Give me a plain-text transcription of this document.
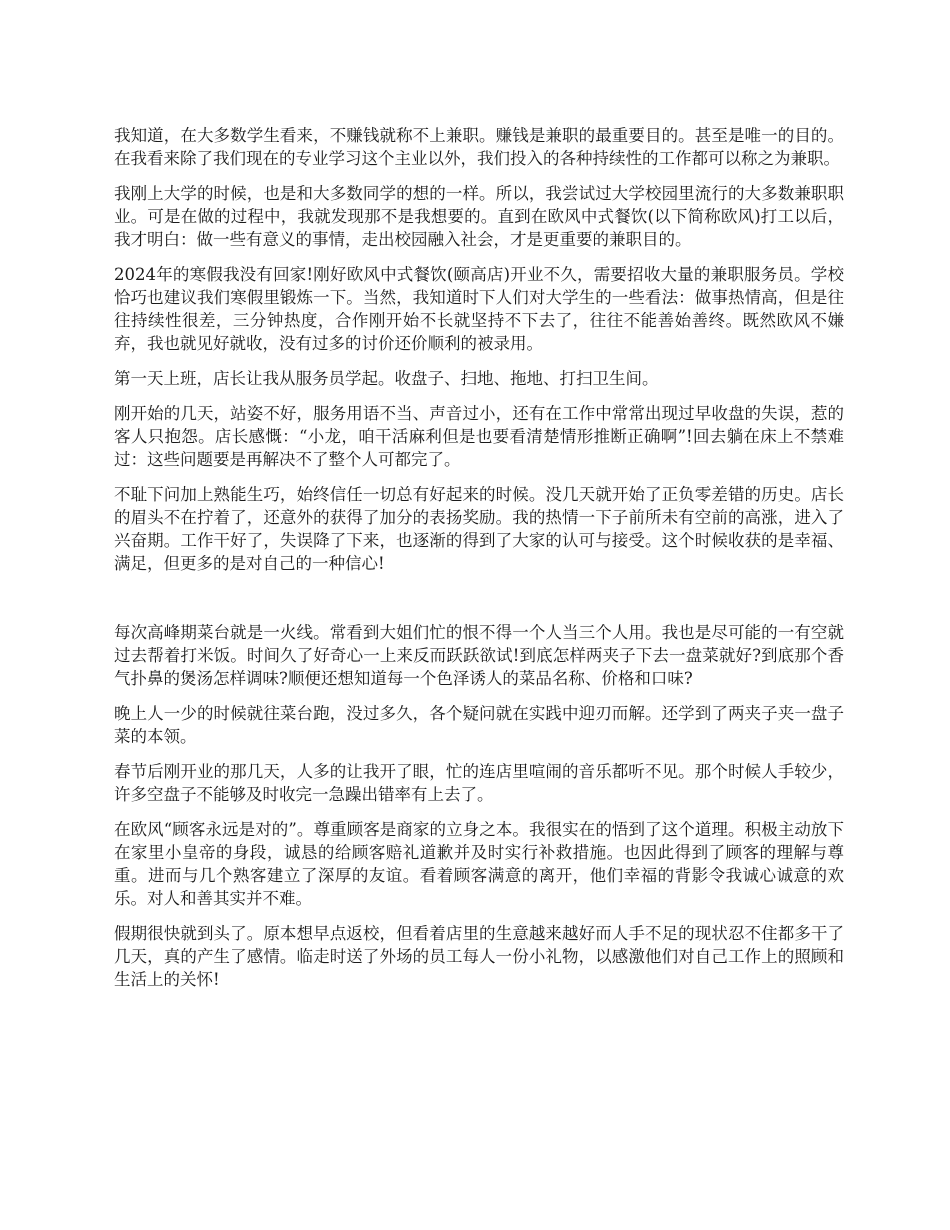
我知道，在大多数学生看来，不赚钱就称不上兼职。赚钱是兼职的最重要目的。甚至是唯一的目的。在我看来除了我们现在的专业学习这个主业以外，我们投入的各种持续性的工作都可以称之为兼职。

我刚上大学的时候，也是和大多数同学的想的一样。所以，我尝试过大学校园里流行的大多数兼职职业。可是在做的过程中，我就发现那不是我想要的。直到在欧风中式餐饮(以下简称欧风)打工以后，我才明白：做一些有意义的事情，走出校园融入社会，才是更重要的兼职目的。

2024年的寒假我没有回家!刚好欧风中式餐饮(颐高店)开业不久，需要招收大量的兼职服务员。学校恰巧也建议我们寒假里锻炼一下。当然，我知道时下人们对大学生的一些看法：做事热情高，但是往往持续性很差，三分钟热度，合作刚开始不长就坚持不下去了，往往不能善始善终。既然欧风不嫌弃，我也就见好就收，没有过多的讨价还价顺利的被录用。

第一天上班，店长让我从服务员学起。收盘子、扫地、拖地、打扫卫生间。

刚开始的几天，站姿不好，服务用语不当、声音过小，还有在工作中常常出现过早收盘的失误，惹的客人只抱怨。店长感慨：“小龙，咱干活麻利但是也要看清楚情形推断正确啊”!回去躺在床上不禁难过：这些问题要是再解决不了整个人可都完了。

不耻下问加上熟能生巧，始终信任一切总有好起来的时候。没几天就开始了正负零差错的历史。店长的眉头不在拧着了，还意外的获得了加分的表扬奖励。我的热情一下子前所未有空前的高涨，进入了兴奋期。工作干好了，失误降了下来，也逐渐的得到了大家的认可与接受。这个时候收获的是幸福、满足，但更多的是对自己的一种信心!

每次高峰期菜台就是一火线。常看到大姐们忙的恨不得一个人当三个人用。我也是尽可能的一有空就过去帮着打米饭。时间久了好奇心一上来反而跃跃欲试!到底怎样两夹子下去一盘菜就好?到底那个香气扑鼻的煲汤怎样调味?顺便还想知道每一个色泽诱人的菜品名称、价格和口味?

晚上人一少的时候就往菜台跑，没过多久，各个疑问就在实践中迎刃而解。还学到了两夹子夹一盘子菜的本领。

春节后刚开业的那几天，人多的让我开了眼，忙的连店里喧闹的音乐都听不见。那个时候人手较少，许多空盘子不能够及时收完一急躁出错率有上去了。

在欧风“顾客永远是对的”。尊重顾客是商家的立身之本。我很实在的悟到了这个道理。积极主动放下在家里小皇帝的身段，诚恳的给顾客赔礼道歉并及时实行补救措施。也因此得到了顾客的理解与尊重。进而与几个熟客建立了深厚的友谊。看着顾客满意的离开，他们幸福的背影令我诚心诚意的欢乐。对人和善其实并不难。

假期很快就到头了。原本想早点返校，但看着店里的生意越来越好而人手不足的现状忍不住都多干了几天，真的产生了感情。临走时送了外场的员工每人一份小礼物，以感激他们对自己工作上的照顾和生活上的关怀!
